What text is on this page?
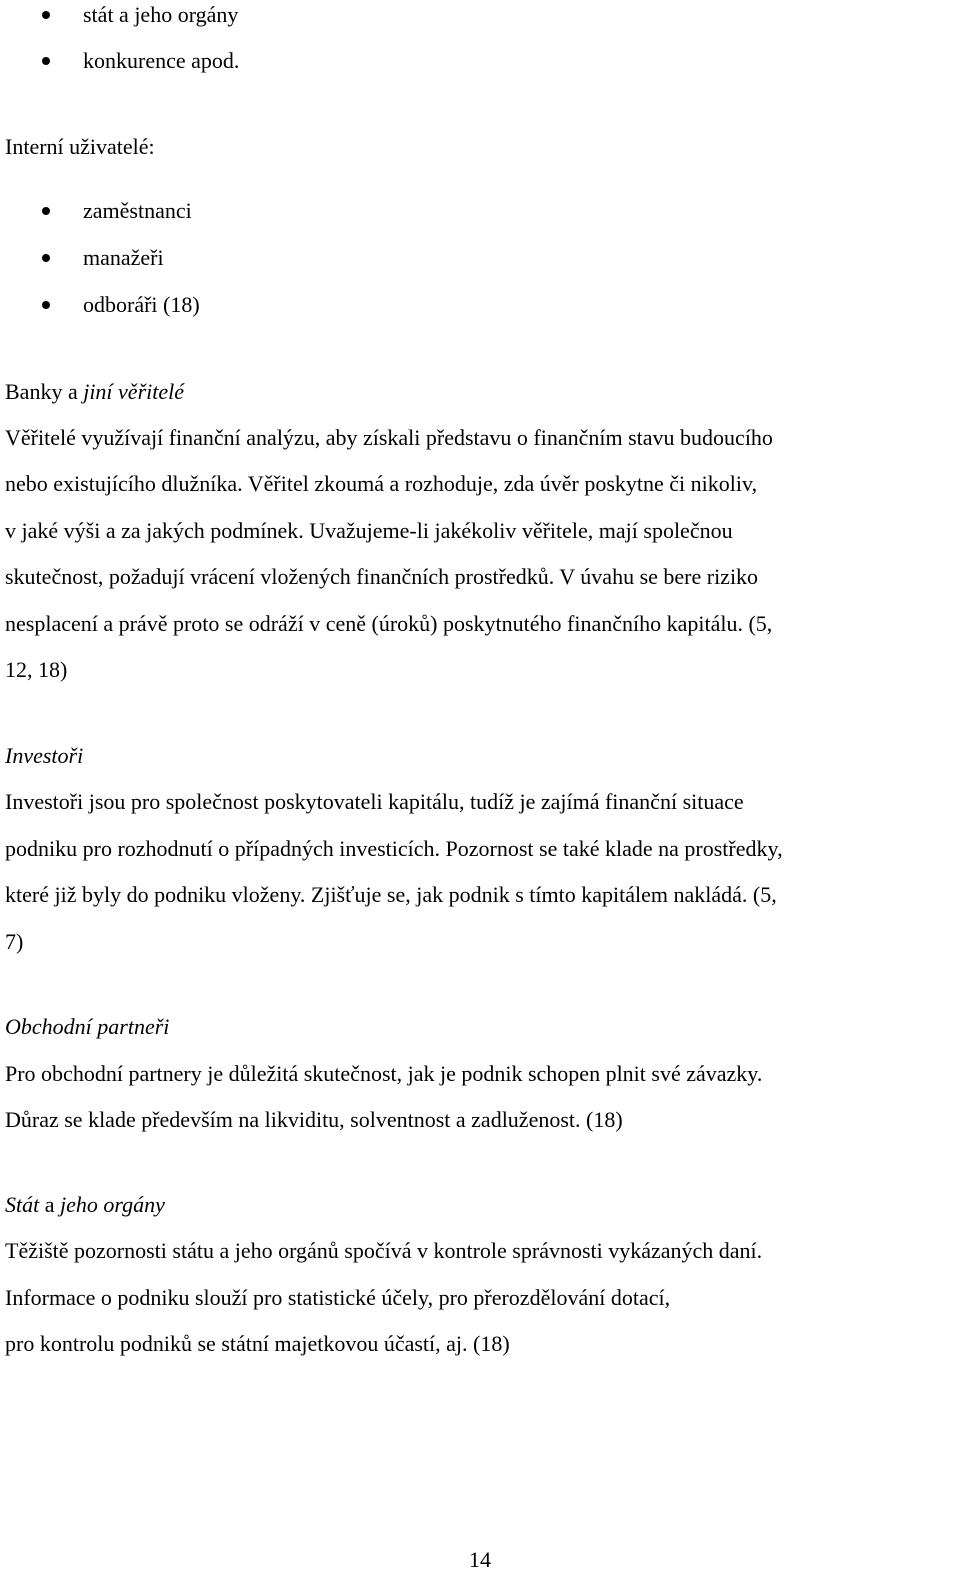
stát a jeho orgány
konkurence apod.
Interní uživatelé:
zaměstnanci
manažeři
odboráři (18)
Banky a jiní věřitelé
Věřitelé využívají finanční analýzu, aby získali představu o finančním stavu budoucího
nebo existujícího dlužníka. Věřitel zkoumá a rozhoduje, zda úvěr poskytne či nikoliv,
v jaké výši a za jakých podmínek. Uvažujeme-li jakékoliv věřitele, mají společnou
skutečnost, požadují vrácení vložených finančních prostředků. V úvahu se bere riziko
nesplacení a právě proto se odráží v ceně (úroků) poskytnutého finančního kapitálu. (5,
12, 18)
Investoři
Investoři jsou pro společnost poskytovateli kapitálu, tudíž je zajímá finanční situace
podniku pro rozhodnutí o případných investicích. Pozornost se také klade na prostředky,
které již byly do podniku vloženy. Zjišťuje se, jak podnik s tímto kapitálem nakládá. (5,
7)
Obchodní partneři
Pro obchodní partnery je důležitá skutečnost, jak je podnik schopen plnit své závazky.
Důraz se klade především na likviditu, solventnost a zadluženost. (18)
Stát a jeho orgány
Těžiště pozornosti státu a jeho orgánů spočívá v kontrole správnosti vykázaných daní.
Informace o podniku slouží pro statistické účely, pro přerozdělování dotací,
pro kontrolu podniků se státní majetkovou účastí, aj. (18)
14
